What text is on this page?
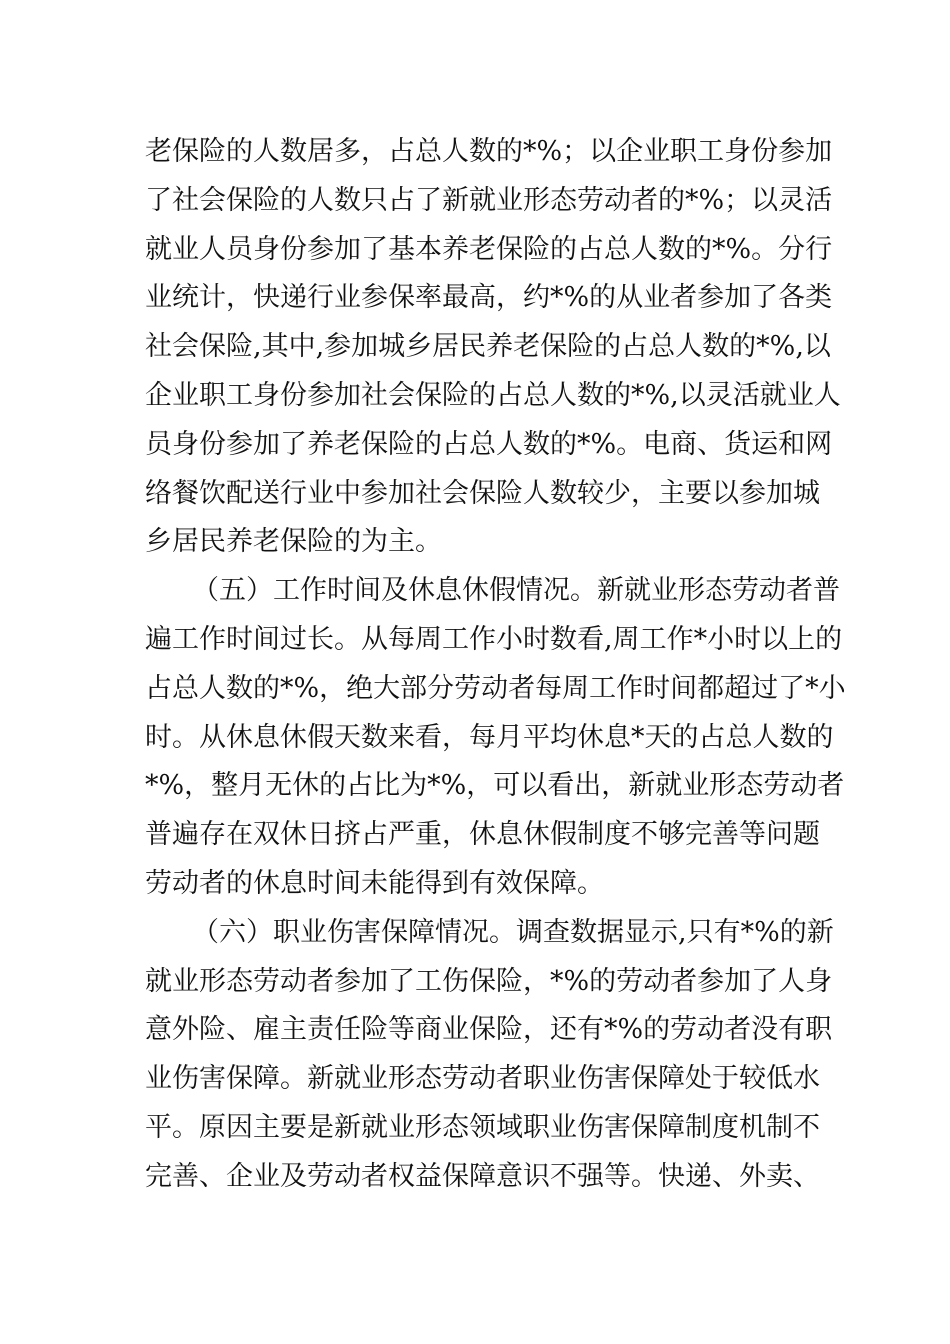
老保险的人数居多，占总人数的*%；以企业职工身份参加
了社会保险的人数只占了新就业形态劳动者的*%；以灵活
就业人员身份参加了基本养老保险的占总人数的*%。分行
业统计，快递行业参保率最高，约*%的从业者参加了各类
社会保险,其中,参加城乡居民养老保险的占总人数的*%,以
企业职工身份参加社会保险的占总人数的*%,以灵活就业人
员身份参加了养老保险的占总人数的*%。电商、货运和网
络餐饮配送行业中参加社会保险人数较少，主要以参加城
乡居民养老保险的为主。
（五）工作时间及休息休假情况。新就业形态劳动者普
遍工作时间过长。从每周工作小时数看,周工作*小时以上的
占总人数的*%，绝大部分劳动者每周工作时间都超过了*小
时。从休息休假天数来看，每月平均休息*天的占总人数的
*%，整月无休的占比为*%，可以看出，新就业形态劳动者
普遍存在双休日挤占严重，休息休假制度不够完善等问题
劳动者的休息时间未能得到有效保障。
（六）职业伤害保障情况。调查数据显示,只有*%的新
就业形态劳动者参加了工伤保险，*%的劳动者参加了人身
意外险、雇主责任险等商业保险，还有*%的劳动者没有职
业伤害保障。新就业形态劳动者职业伤害保障处于较低水
平。原因主要是新就业形态领域职业伤害保障制度机制不
完善、企业及劳动者权益保障意识不强等。快递、外卖、
